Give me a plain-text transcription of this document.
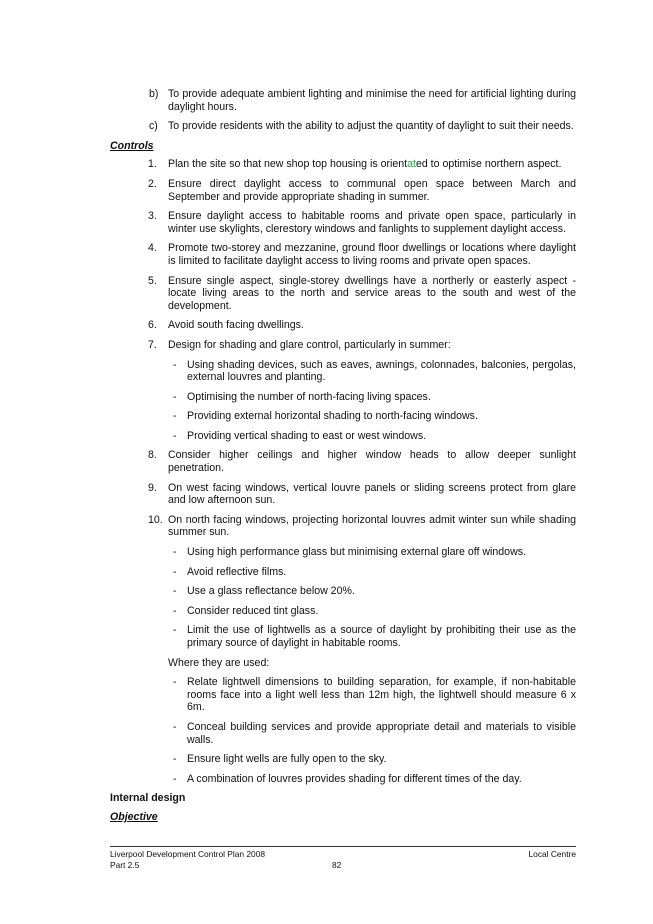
b) To provide adequate ambient lighting and minimise the need for artificial lighting during daylight hours.
c) To provide residents with the ability to adjust the quantity of daylight to suit their needs.
Controls
1. Plan the site so that new shop top housing is orientated to optimise northern aspect.
2. Ensure direct daylight access to communal open space between March and September and provide appropriate shading in summer.
3. Ensure daylight access to habitable rooms and private open space, particularly in winter use skylights, clerestory windows and fanlights to supplement daylight access.
4. Promote two-storey and mezzanine, ground floor dwellings or locations where daylight is limited to facilitate daylight access to living rooms and private open spaces.
5. Ensure single aspect, single-storey dwellings have a northerly or easterly aspect - locate living areas to the north and service areas to the south and west of the development.
6. Avoid south facing dwellings.
7. Design for shading and glare control, particularly in summer:
- Using shading devices, such as eaves, awnings, colonnades, balconies, pergolas, external louvres and planting.
- Optimising the number of north-facing living spaces.
- Providing external horizontal shading to north-facing windows.
- Providing vertical shading to east or west windows.
8. Consider higher ceilings and higher window heads to allow deeper sunlight penetration.
9. On west facing windows, vertical louvre panels or sliding screens protect from glare and low afternoon sun.
10. On north facing windows, projecting horizontal louvres admit winter sun while shading summer sun.
- Using high performance glass but minimising external glare off windows.
- Avoid reflective films.
- Use a glass reflectance below 20%.
- Consider reduced tint glass.
- Limit the use of lightwells as a source of daylight by prohibiting their use as the primary source of daylight in habitable rooms.
Where they are used:
- Relate lightwell dimensions to building separation, for example, if non-habitable rooms face into a light well less than 12m high, the lightwell should measure 6 x 6m.
- Conceal building services and provide appropriate detail and materials to visible walls.
- Ensure light wells are fully open to the sky.
- A combination of louvres provides shading for different times of the day.
Internal design
Objective
Liverpool Development Control Plan 2008	Local Centre
Part 2.5	82
